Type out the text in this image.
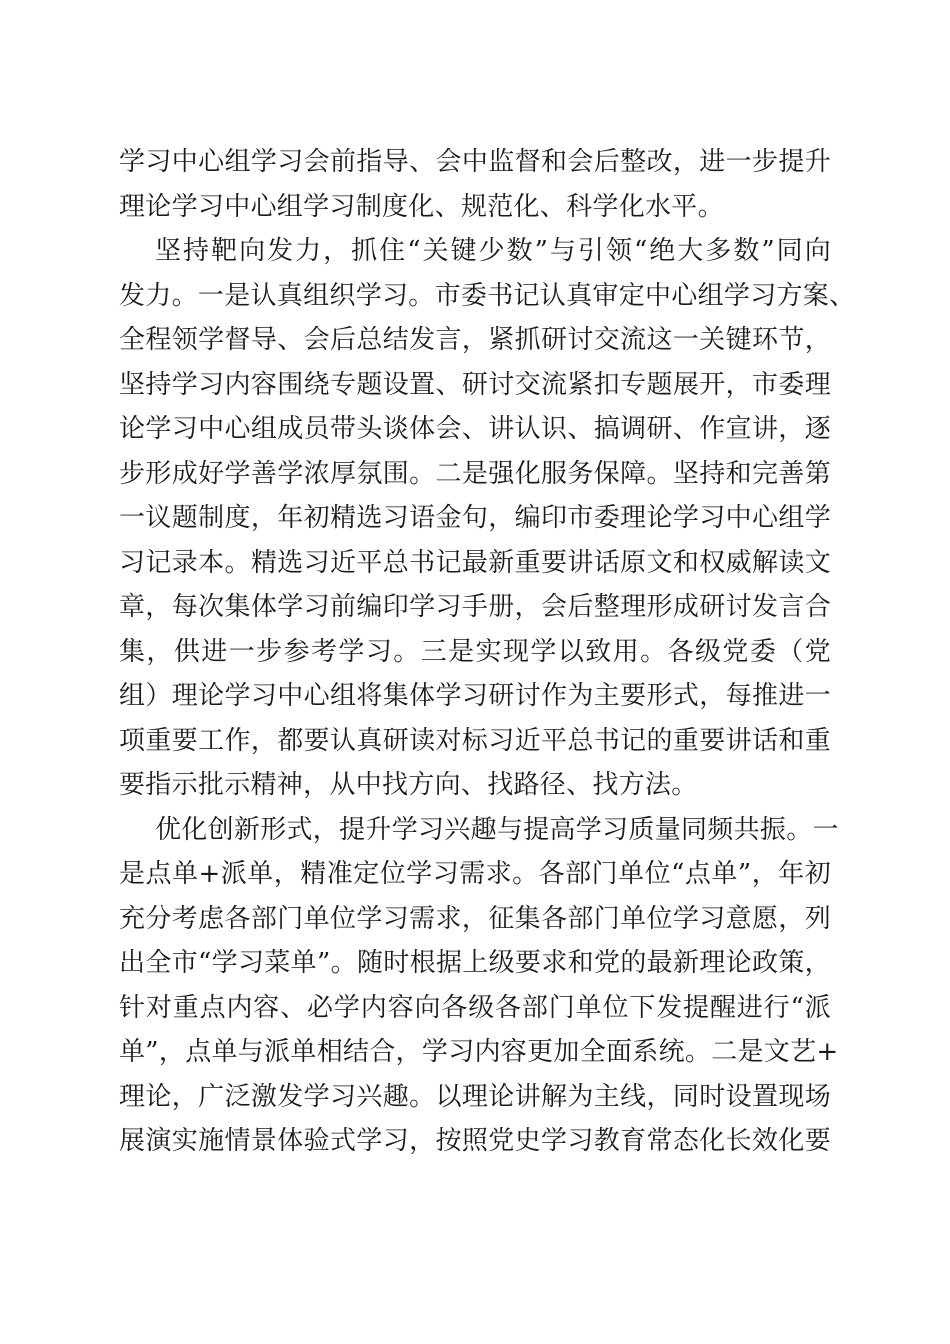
学习中心组学习会前指导、会中监督和会后整改，进一步提升
理论学习中心组学习制度化、规范化、科学化水平。
坚持靶向发力，抓住“关键少数”与引领“绝大多数”同向
发力。一是认真组织学习。市委书记认真审定中心组学习方案、
全程领学督导、会后总结发言，紧抓研讨交流这一关键环节，
坚持学习内容围绕专题设置、研讨交流紧扣专题展开，市委理
论学习中心组成员带头谈体会、讲认识、搞调研、作宣讲，逐
步形成好学善学浓厚氛围。二是强化服务保障。坚持和完善第
一议题制度，年初精选习语金句，编印市委理论学习中心组学
习记录本。精选习近平总书记最新重要讲话原文和权威解读文
章，每次集体学习前编印学习手册，会后整理形成研讨发言合
集，供进一步参考学习。三是实现学以致用。各级党委（党
组）理论学习中心组将集体学习研讨作为主要形式，每推进一
项重要工作，都要认真研读对标习近平总书记的重要讲话和重
要指示批示精神，从中找方向、找路径、找方法。
优化创新形式，提升学习兴趣与提高学习质量同频共振。一
是点单+派单，精准定位学习需求。各部门单位“点单”，年初
充分考虑各部门单位学习需求，征集各部门单位学习意愿，列
出全市“学习菜单”。随时根据上级要求和党的最新理论政策，
针对重点内容、必学内容向各级各部门单位下发提醒进行“派
单”，点单与派单相结合，学习内容更加全面系统。二是文艺+
理论，广泛激发学习兴趣。以理论讲解为主线，同时设置现场
展演实施情景体验式学习，按照党史学习教育常态化长效化要
